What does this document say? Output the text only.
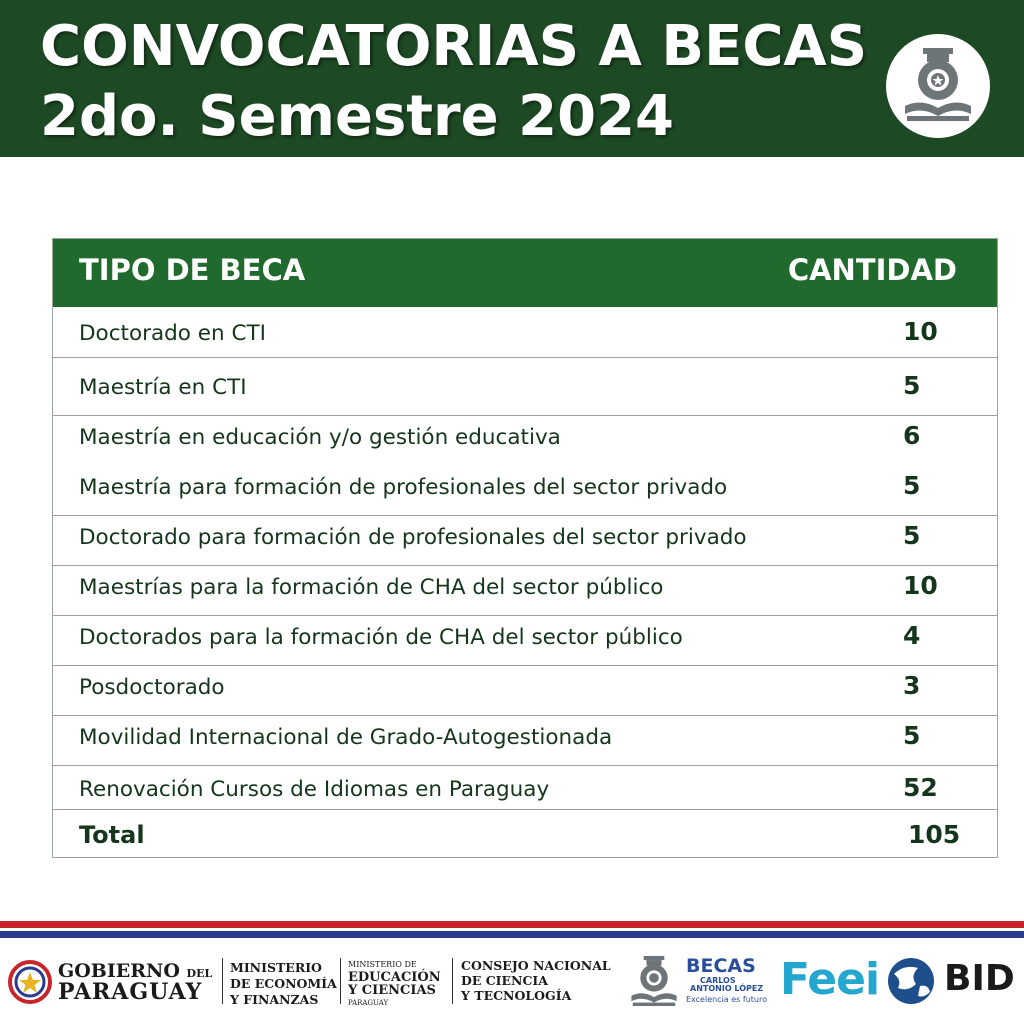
CONVOCATORIAS A BECAS
2do. Semestre 2024
TIPO DE BECA	CANTIDAD
Doctorado en CTI	10
Maestría en CTI	5
Maestría en educación y/o gestión educativa	6
Maestría para formación de profesionales del sector privado	5
Doctorado para formación de profesionales del sector privado	5
Maestrías para la formación de CHA del sector público	10
Doctorados para la formación de CHA del sector público	4
Posdoctorado	3
Movilidad Internacional de Grado-Autogestionada	5
Renovación Cursos de Idiomas en Paraguay	52
Total	105
GOBIERNO DEL
PARAGUAY
MINISTERIO
DE ECONOMÍA
Y FINANZAS
MINISTERIO DE
EDUCACIÓN
Y CIENCIAS
PARAGUAY
CONSEJO NACIONAL
DE CIENCIA
Y TECNOLOGÍA
BECAS
CARLOS
ANTONIO LÓPEZ
Excelencia es futuro Feei BID
